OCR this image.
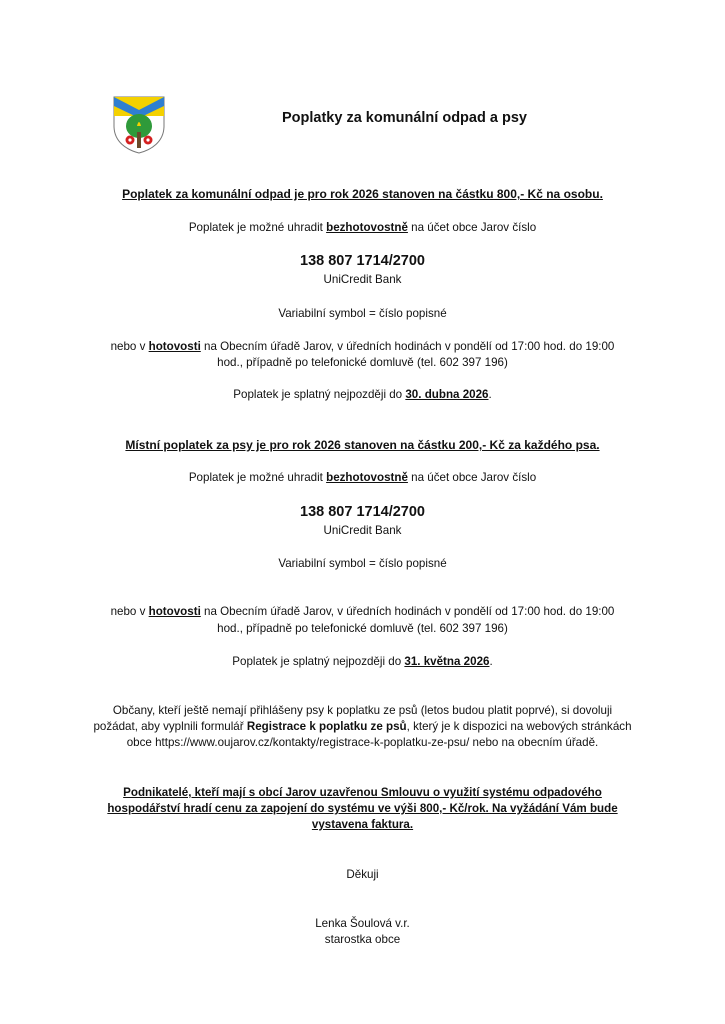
Poplatky za komunální odpad a psy
Poplatek za komunální odpad je pro rok 2026 stanoven na částku 800,- Kč na osobu.
Poplatek je možné uhradit bezhotovostně na účet obce Jarov číslo
138 807 1714/2700
UniCredit Bank
Variabilní symbol = číslo popisné
nebo v hotovosti na Obecním úřadě Jarov, v úředních hodinách v pondělí od 17:00 hod. do 19:00
hod., případně po telefonické domluvě (tel. 602 397 196)
Poplatek je splatný nejpozději do 30. dubna 2026.
Místní poplatek za psy je pro rok 2026 stanoven na částku 200,- Kč za každého psa.
Poplatek je možné uhradit bezhotovostně na účet obce Jarov číslo
138 807 1714/2700
UniCredit Bank
Variabilní symbol = číslo popisné
nebo v hotovosti na Obecním úřadě Jarov, v úředních hodinách v pondělí od 17:00 hod. do 19:00
hod., případně po telefonické domluvě (tel. 602 397 196)
Poplatek je splatný nejpozději do 31. května 2026.
Občany, kteří ještě nemají přihlášeny psy k poplatku ze psů (letos budou platit poprvé), si dovoluji požádat, aby vyplnili formulář Registrace k poplatku ze psů, který je k dispozici na webových stránkách obce https://www.oujarov.cz/kontakty/registrace-k-poplatku-ze-psu/ nebo na obecním úřadě.
Podnikatelé, kteří mají s obcí Jarov uzavřenou Smlouvu o využití systému odpadového hospodářství hradí cenu za zapojení do systému ve výši 800,- Kč/rok. Na vyžádání Vám bude vystavena faktura.
Děkuji
Lenka Šoulová v.r.
starostka obce
